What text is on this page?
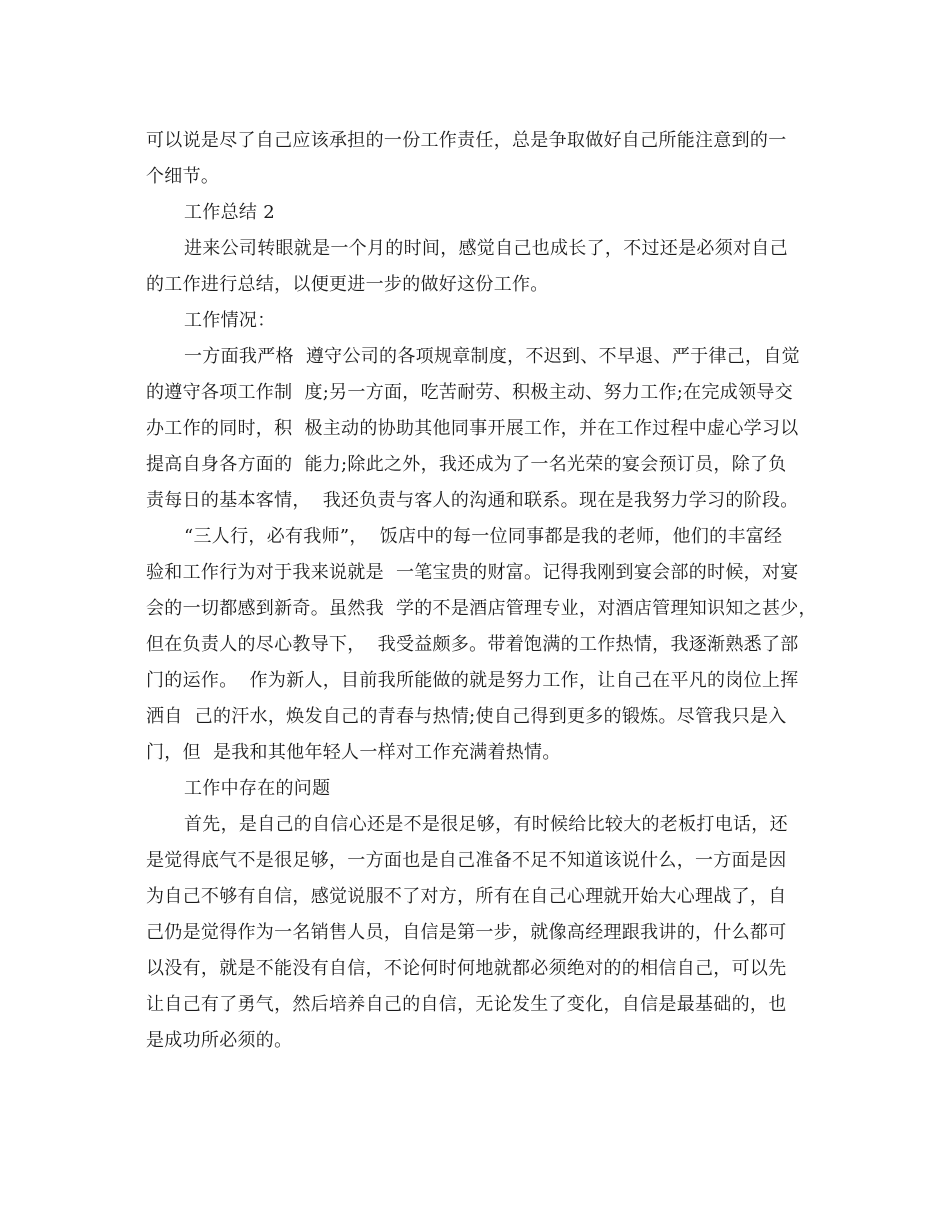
可以说是尽了自己应该承担的一份工作责任，总是争取做好自己所能注意到的一
个细节。
工作总结 2
进来公司转眼就是一个月的时间，感觉自己也成长了，不过还是必须对自己
的工作进行总结，以便更进一步的做好这份工作。
工作情况：
一方面我严格  遵守公司的各项规章制度，不迟到、不早退、严于律己，自觉
的遵守各项工作制  度;另一方面，吃苦耐劳、积极主动、努力工作;在完成领导交
办工作的同时，积  极主动的协助其他同事开展工作，并在工作过程中虚心学习以
提高自身各方面的  能力;除此之外，我还成为了一名光荣的宴会预订员，除了负
责每日的基本客情，  我还负责与客人的沟通和联系。现在是我努力学习的阶段。
“三人行，必有我师”，  饭店中的每一位同事都是我的老师，他们的丰富经
验和工作行为对于我来说就是  一笔宝贵的财富。记得我刚到宴会部的时候，对宴
会的一切都感到新奇。虽然我  学的不是酒店管理专业，对酒店管理知识知之甚少，
但在负责人的尽心教导下，  我受益颇多。带着饱满的工作热情，我逐渐熟悉了部
门的运作。  作为新人，目前我所能做的就是努力工作，让自己在平凡的岗位上挥
洒自  己的汗水，焕发自己的青春与热情;使自己得到更多的锻炼。尽管我只是入
门，但  是我和其他年轻人一样对工作充满着热情。
工作中存在的问题
首先，是自己的自信心还是不是很足够，有时候给比较大的老板打电话，还
是觉得底气不是很足够，一方面也是自己准备不足不知道该说什么，一方面是因
为自己不够有自信，感觉说服不了对方，所有在自己心理就开始大心理战了，自
己仍是觉得作为一名销售人员，自信是第一步，就像高经理跟我讲的，什么都可
以没有，就是不能没有自信，不论何时何地就都必须绝对的的相信自己，可以先
让自己有了勇气，然后培养自己的自信，无论发生了变化，自信是最基础的，也
是成功所必须的。
